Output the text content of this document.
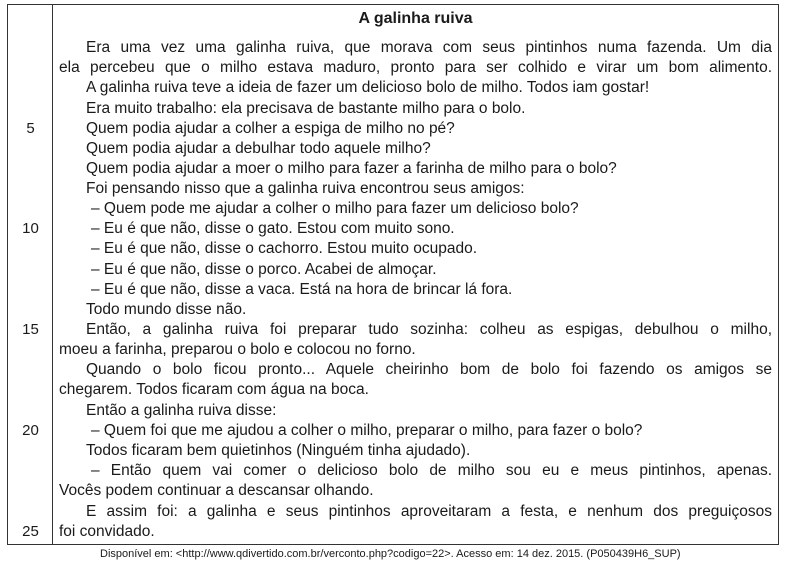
5
10
15
20
25
A galinha ruiva
Era uma vez uma galinha ruiva, que morava com seus pintinhos numa fazenda. Um dia
ela percebeu que o milho estava maduro, pronto para ser colhido e virar um bom alimento.
A galinha ruiva teve a ideia de fazer um delicioso bolo de milho. Todos iam gostar!
Era muito trabalho: ela precisava de bastante milho para o bolo.
Quem podia ajudar a colher a espiga de milho no pé?
Quem podia ajudar a debulhar todo aquele milho?
Quem podia ajudar a moer o milho para fazer a farinha de milho para o bolo?
Foi pensando nisso que a galinha ruiva encontrou seus amigos:
– Quem pode me ajudar a colher o milho para fazer um delicioso bolo?
– Eu é que não, disse o gato. Estou com muito sono.
– Eu é que não, disse o cachorro. Estou muito ocupado.
– Eu é que não, disse o porco. Acabei de almoçar.
– Eu é que não, disse a vaca. Está na hora de brincar lá fora.
Todo mundo disse não.
Então, a galinha ruiva foi preparar tudo sozinha: colheu as espigas, debulhou o milho,
moeu a farinha, preparou o bolo e colocou no forno.
Quando o bolo ficou pronto... Aquele cheirinho bom de bolo foi fazendo os amigos se
chegarem. Todos ficaram com água na boca.
Então a galinha ruiva disse:
– Quem foi que me ajudou a colher o milho, preparar o milho, para fazer o bolo?
Todos ficaram bem quietinhos (Ninguém tinha ajudado).
– Então quem vai comer o delicioso bolo de milho sou eu e meus pintinhos, apenas.
Vocês podem continuar a descansar olhando.
E assim foi: a galinha e seus pintinhos aproveitaram a festa, e nenhum dos preguiçosos
foi convidado.
Disponível em: <http://www.qdivertido.com.br/verconto.php?codigo=22>. Acesso em: 14 dez. 2015. (P050439H6_SUP)
